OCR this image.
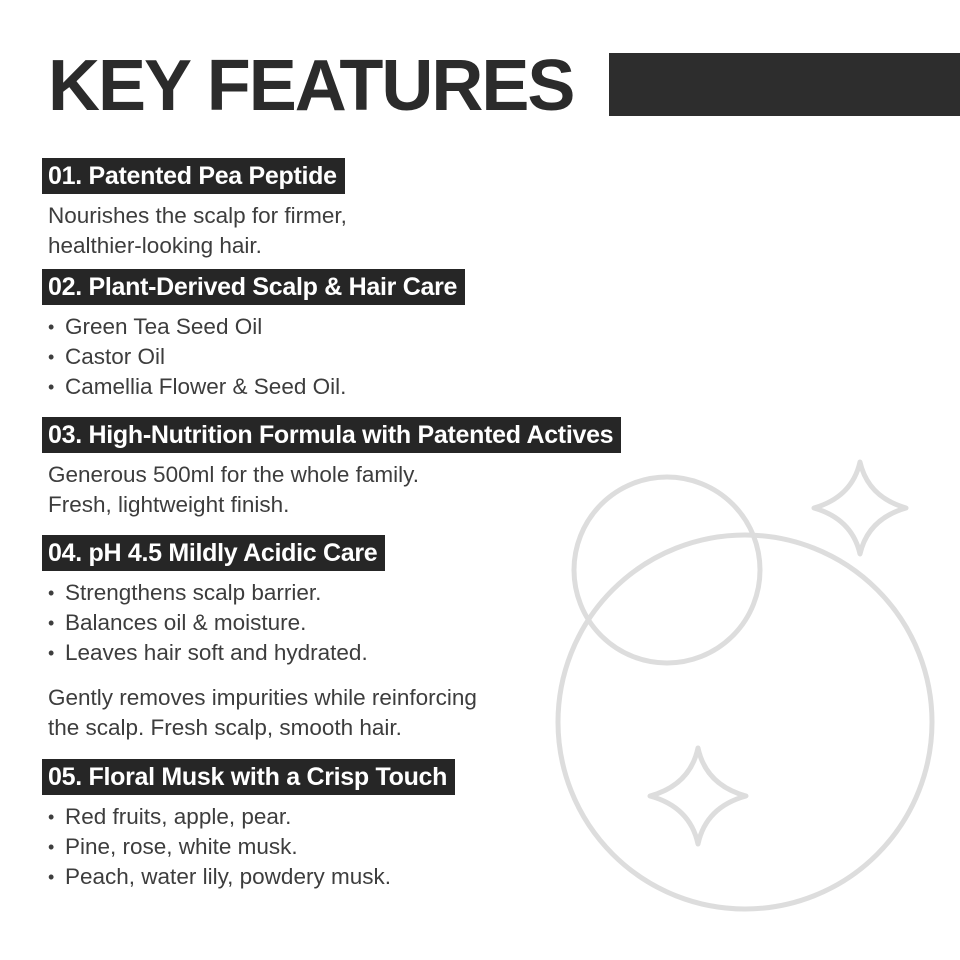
KEY FEATURES
01. Patented Pea Peptide

Nourishes the scalp for firmer,

healthier-looking hair.

02. Plant-Derived Scalp & Hair Care
• Green Tea Seed Oil
• Castor Oil
• Camellia Flower & Seed Oil.
03. High-Nutrition Formula with Patented Actives

Generous 500ml for the whole family.

Fresh, lightweight finish.

04. pH 4.5 Mildly Acidic Care
• Strengthens scalp barrier.
• Balances oil & moisture.
• Leaves hair soft and hydrated.

Gently removes impurities while reinforcing

the scalp. Fresh scalp, smooth hair.

05. Floral Musk with a Crisp Touch
• Red fruits, apple, pear.
• Pine, rose, white musk.
• Peach, water lily, powdery musk.
